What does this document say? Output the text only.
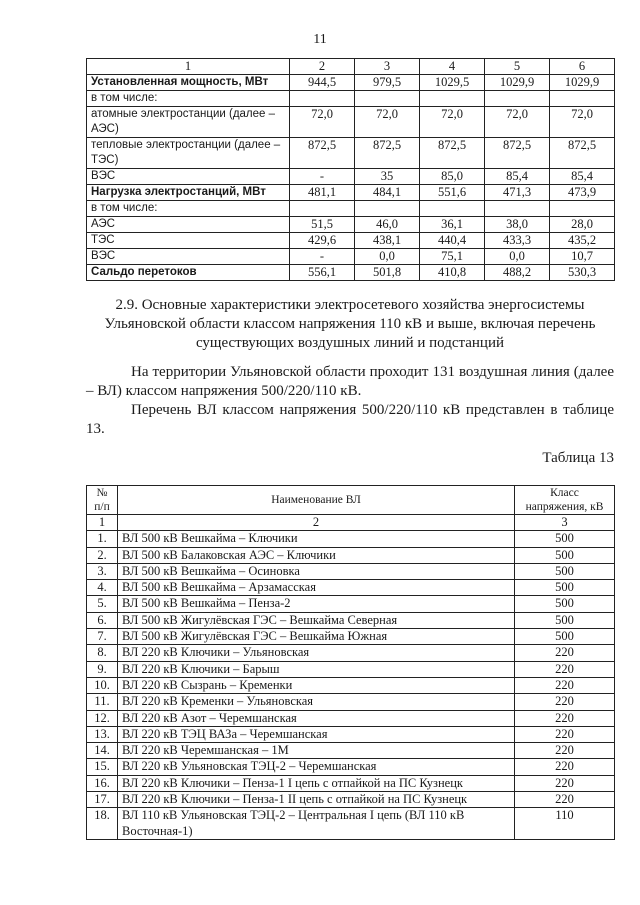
11
1	2	3	4	5	6
Установленная мощность, МВт	944,5	979,5	1029,5	1029,9	1029,9
в том числе:					
атомные электростанции (далее – АЭС)	72,0	72,0	72,0	72,0	72,0
тепловые электростанции (далее – ТЭС)	872,5	872,5	872,5	872,5	872,5
ВЭС	-	35	85,0	85,4	85,4
Нагрузка электростанций, МВт	481,1	484,1	551,6	471,3	473,9
в том числе:					
АЭС	51,5	46,0	36,1	38,0	28,0
ТЭС	429,6	438,1	440,4	433,3	435,2
ВЭС	-	0,0	75,1	0,0	10,7
Сальдо перетоков	556,1	501,8	410,8	488,2	530,3
2.9. Основные характеристики электросетевого хозяйства энергосистемы Ульяновской области классом напряжения 110 кВ и выше, включая перечень существующих воздушных линий и подстанций
На территории Ульяновской области проходит 131 воздушная линия (далее – ВЛ) классом напряжения 500/220/110 кВ.
Перечень ВЛ классом напряжения 500/220/110 кВ представлен в таблице 13.
Таблица 13
№ п/п	Наименование ВЛ	Класс напряжения, кВ
1	2	3
1.	ВЛ 500 кВ Вешкайма – Ключики	500
2.	ВЛ 500 кВ Балаковская АЭС – Ключики	500
3.	ВЛ 500 кВ Вешкайма – Осиновка	500
4.	ВЛ 500 кВ Вешкайма – Арзамасская	500
5.	ВЛ 500 кВ Вешкайма – Пенза-2	500
6.	ВЛ 500 кВ Жигулёвская ГЭС – Вешкайма Северная	500
7.	ВЛ 500 кВ Жигулёвская ГЭС – Вешкайма Южная	500
8.	ВЛ 220 кВ Ключики – Ульяновская	220
9.	ВЛ 220 кВ Ключики – Барыш	220
10.	ВЛ 220 кВ Сызрань – Кременки	220
11.	ВЛ 220 кВ Кременки – Ульяновская	220
12.	ВЛ 220 кВ Азот – Черемшанская	220
13.	ВЛ 220 кВ ТЭЦ ВАЗа – Черемшанская	220
14.	ВЛ 220 кВ Черемшанская – 1М	220
15.	ВЛ 220 кВ Ульяновская ТЭЦ-2 – Черемшанская	220
16.	ВЛ 220 кВ Ключики – Пенза-1 I цепь с отпайкой на ПС Кузнецк	220
17.	ВЛ 220 кВ Ключики – Пенза-1 II цепь с отпайкой на ПС Кузнецк	220
18.	ВЛ 110 кВ Ульяновская ТЭЦ-2 – Центральная I цепь (ВЛ 110 кВ Восточная-1)	110
